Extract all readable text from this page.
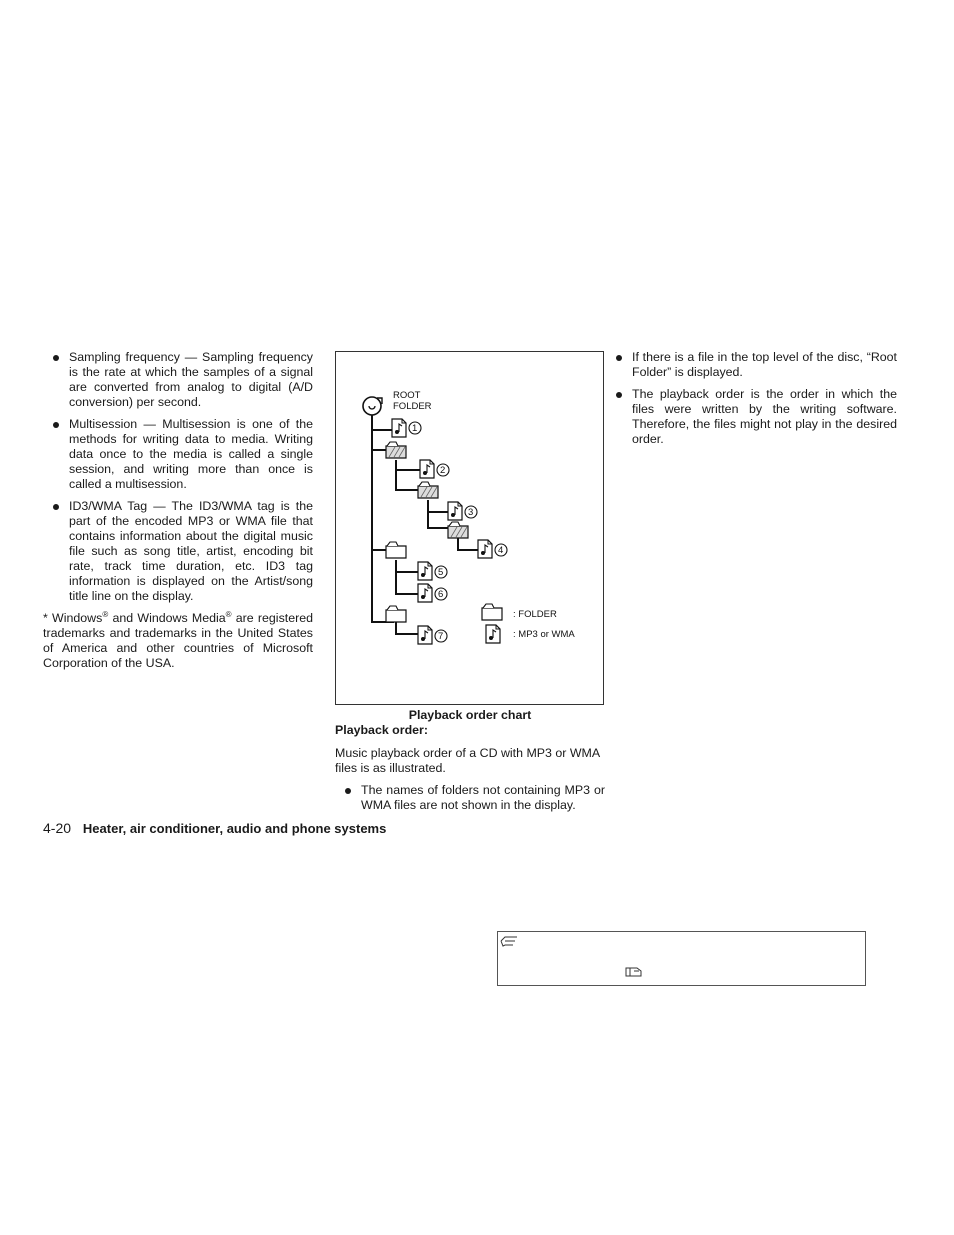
Sampling frequency — Sampling frequency is the rate at which the samples of a signal are converted from analog to digital (A/D conversion) per second.
Multisession — Multisession is one of the methods for writing data to media. Writing data once to the media is called a single session, and writing more than once is called a multisession.
ID3/WMA Tag — The ID3/WMA tag is the part of the encoded MP3 or WMA file that contains information about the digital music file such as song title, artist, encoding bit rate, track time duration, etc. ID3 tag information is displayed on the Artist/song title line on the display.

* Windows® and Windows Media® are registered trademarks and trademarks in the United States of America and other countries of Microsoft Corporation of the USA.

ROOT
FOLDER
1
2
3
4
5
6
7
: FOLDER
: MP3 or WMA
Playback order chart
Playback order:

Music playback order of a CD with MP3 or WMA files is as illustrated.

The names of folders not containing MP3 or WMA files are not shown in the display.
If there is a file in the top level of the disc, “Root Folder” is displayed.
The playback order is the order in which the files were written by the writing software. Therefore, the files might not play in the desired order.
4-20 Heater, air conditioner, audio and phone systems
